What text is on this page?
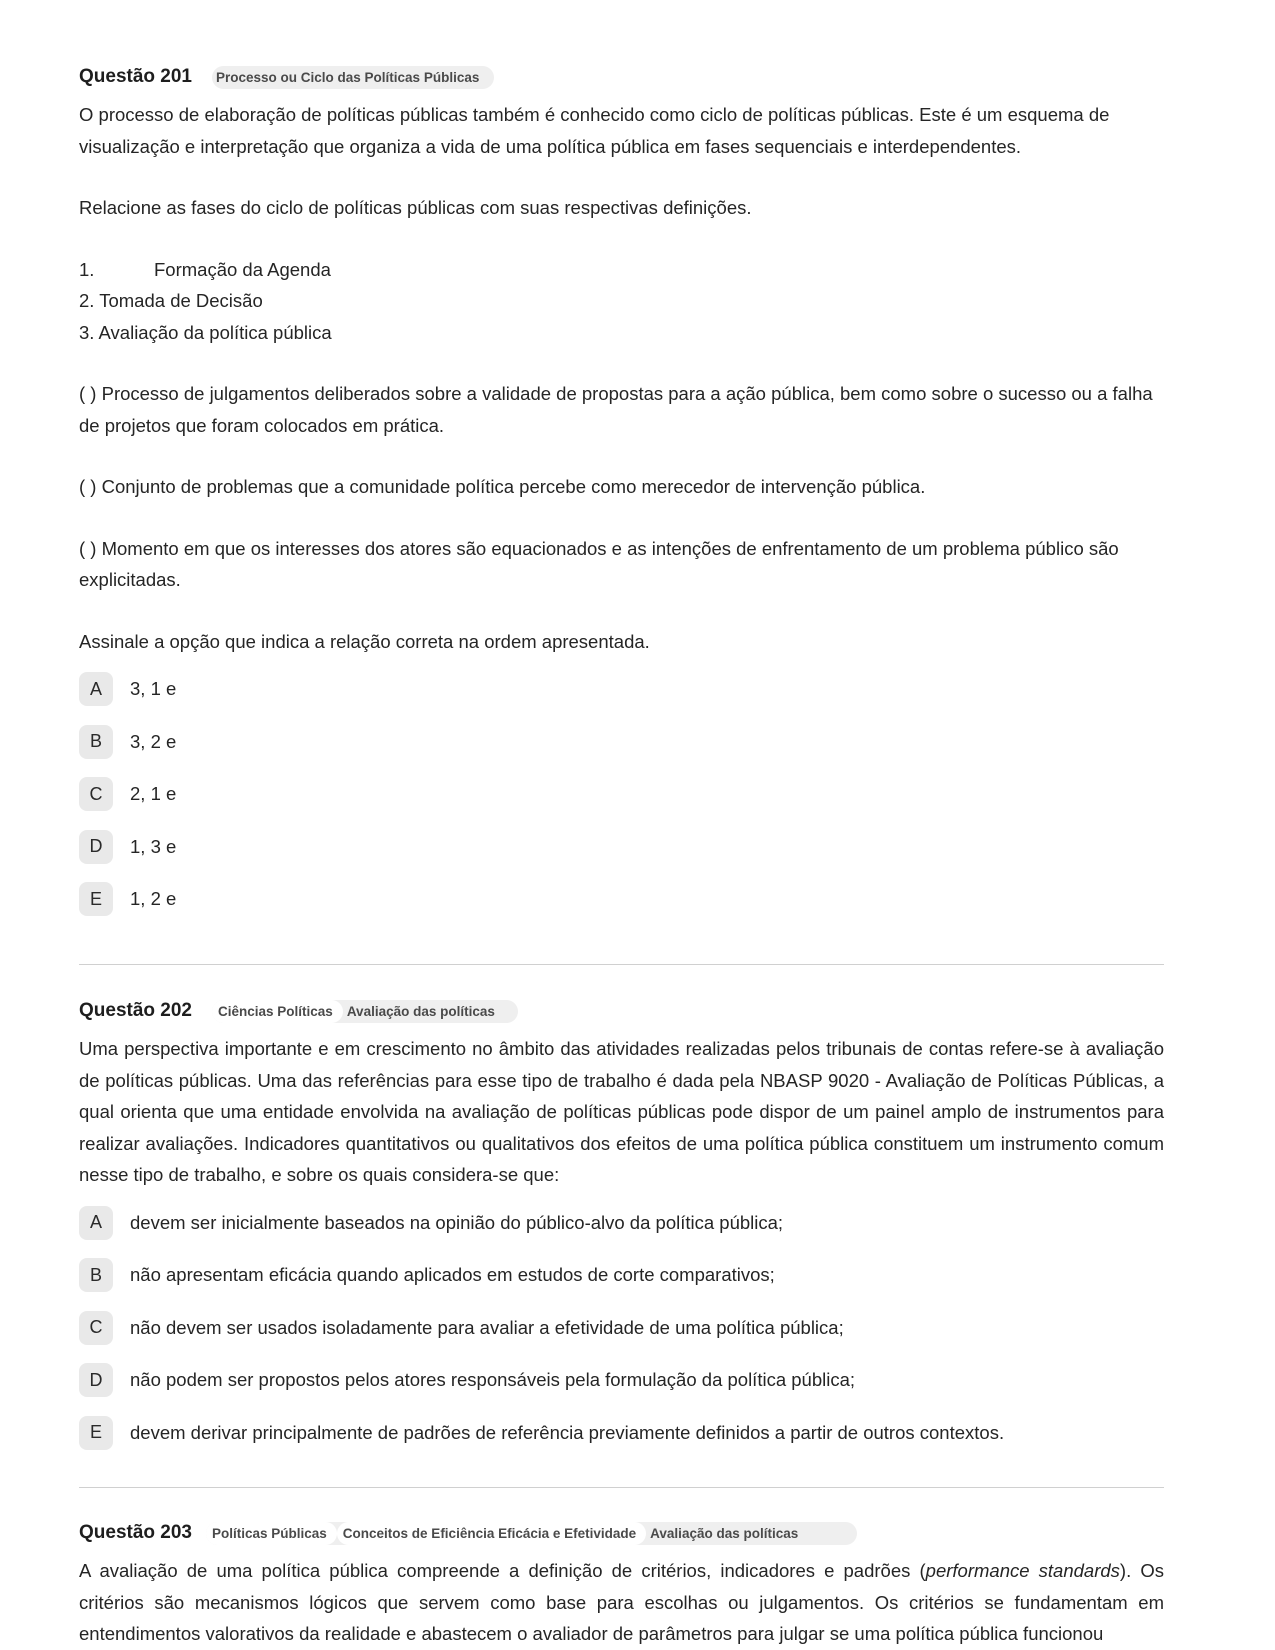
Questão 201 Processo ou Ciclo das Políticas Públicas

O processo de elaboração de políticas públicas também é conhecido como ciclo de políticas públicas. Este é um esquema de visualização e interpretação que organiza a vida de uma política pública em fases sequenciais e interdependentes.

Relacione as fases do ciclo de políticas públicas com suas respectivas definições.

1.	Formação da Agenda

2. Tomada de Decisão

3. Avaliação da política pública

( ) Processo de julgamentos deliberados sobre a validade de propostas para a ação pública, bem como sobre o sucesso ou a falha de projetos que foram colocados em prática.

( ) Conjunto de problemas que a comunidade política percebe como merecedor de intervenção pública.

( ) Momento em que os interesses dos atores são equacionados e as intenções de enfrentamento de um problema público são explicitadas.

Assinale a opção que indica a relação correta na ordem apresentada.

A	3, 1 e
B	3, 2 e
C	2, 1 e
D	1, 3 e
E	1, 2 e
Questão 202	Ciências Políticas	Avaliação das políticas

Uma perspectiva importante e em crescimento no âmbito das atividades realizadas pelos tribunais de contas refere-se à avaliação de políticas públicas. Uma das referências para esse tipo de trabalho é dada pela NBASP 9020 - Avaliação de Políticas Públicas, a qual orienta que uma entidade envolvida na avaliação de políticas públicas pode dispor de um painel amplo de instrumentos para realizar avaliações. Indicadores quantitativos ou qualitativos dos efeitos de uma política pública constituem um instrumento comum nesse tipo de trabalho, e sobre os quais considera-se que:

A	devem ser inicialmente baseados na opinião do público-alvo da política pública;
B	não apresentam eficácia quando aplicados em estudos de corte comparativos;
C	não devem ser usados isoladamente para avaliar a efetividade de uma política pública;
D	não podem ser propostos pelos atores responsáveis pela formulação da política pública;
E	devem derivar principalmente de padrões de referência previamente definidos a partir de outros contextos.
Questão 203	Políticas Públicas	Conceitos de Eficiência Eficácia e Efetividade	Avaliação das políticas

A avaliação de uma política pública compreende a definição de critérios, indicadores e padrões (performance standards). Os critérios são mecanismos lógicos que servem como base para escolhas ou julgamentos. Os critérios se fundamentam em entendimentos valorativos da realidade e abastecem o avaliador de parâmetros para julgar se uma política pública funcionou
